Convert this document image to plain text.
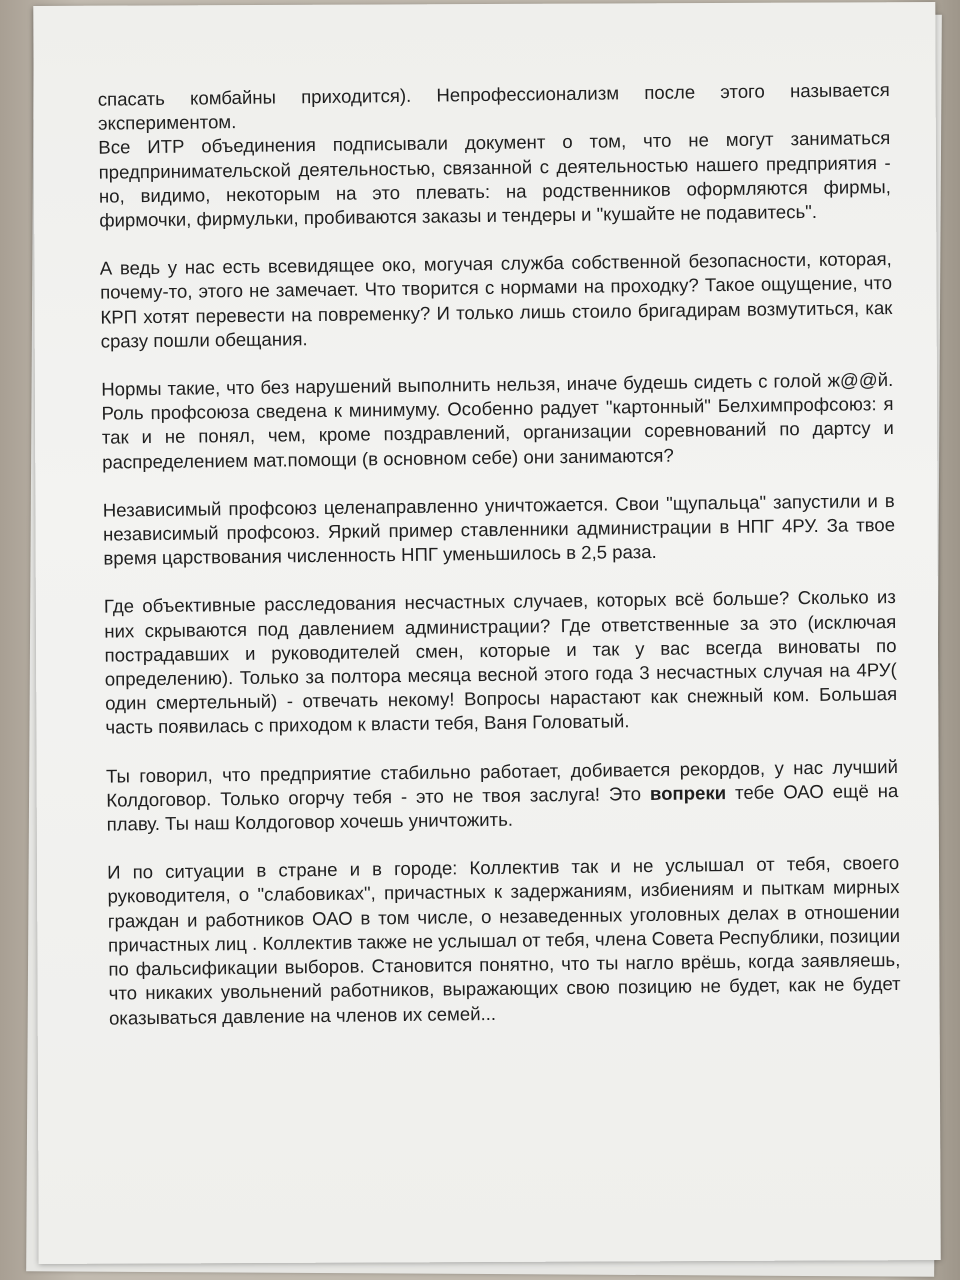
спасать комбайны приходится). Непрофессионализм после этого называется экспериментом.

Все ИТР объединения подписывали документ о том, что не могут заниматься предпринимательской деятельностью, связанной с деятельностью нашего предприятия - но, видимо, некоторым на это плевать: на родственников оформляются фирмы, фирмочки, фирмульки, пробиваются заказы и тендеры и "кушайте не подавитесь".

А ведь у нас есть всевидящее око, могучая служба собственной безопасности, которая, почему-то, этого не замечает. Что творится с нормами на проходку? Такое ощущение, что КРП хотят перевести на повременку? И только лишь стоило бригадирам возмутиться, как сразу пошли обещания.

Нормы такие, что без нарушений выполнить нельзя, иначе будешь сидеть с голой ж@@й. Роль профсоюза сведена к минимуму. Особенно радует "картонный" Белхимпрофсоюз: я так и не понял, чем, кроме поздравлений, организации соревнований по дартсу и распределением мат.помощи (в основном себе) они занимаются?

Независимый профсоюз целенаправленно уничтожается. Свои "щупальца" запустили и в независимый профсоюз. Яркий пример ставленники администрации в НПГ 4РУ. За твое время царствования численность НПГ уменьшилось в 2,5 раза.

Где объективные расследования несчастных случаев, которых всё больше? Сколько из них скрываются под давлением администрации? Где ответственные за это (исключая пострадавших и руководителей смен, которые и так у вас всегда виноваты по определению). Только за полтора месяца весной этого года 3 несчастных случая на 4РУ( один смертельный) - отвечать некому! Вопросы нарастают как снежный ком. Большая часть появилась с приходом к власти тебя, Ваня Головатый.

Ты говорил, что предприятие стабильно работает, добивается рекордов, у нас лучший Колдоговор. Только огорчу тебя - это не твоя заслуга! Это вопреки тебе ОАО ещё на плаву. Ты наш Колдоговор хочешь уничтожить.

И по ситуации в стране и в городе: Коллектив так и не услышал от тебя, своего руководителя, о "слабовиках", причастных к задержаниям, избиениям и пыткам мирных граждан и работников ОАО в том числе, о незаведенных уголовных делах в отношении причастных лиц . Коллектив также не услышал от тебя, члена Совета Республики, позиции по фальсификации выборов. Становится понятно, что ты нагло врёшь, когда заявляешь, что никаких увольнений работников, выражающих свою позицию не будет, как не будет оказываться давление на членов их семей...
